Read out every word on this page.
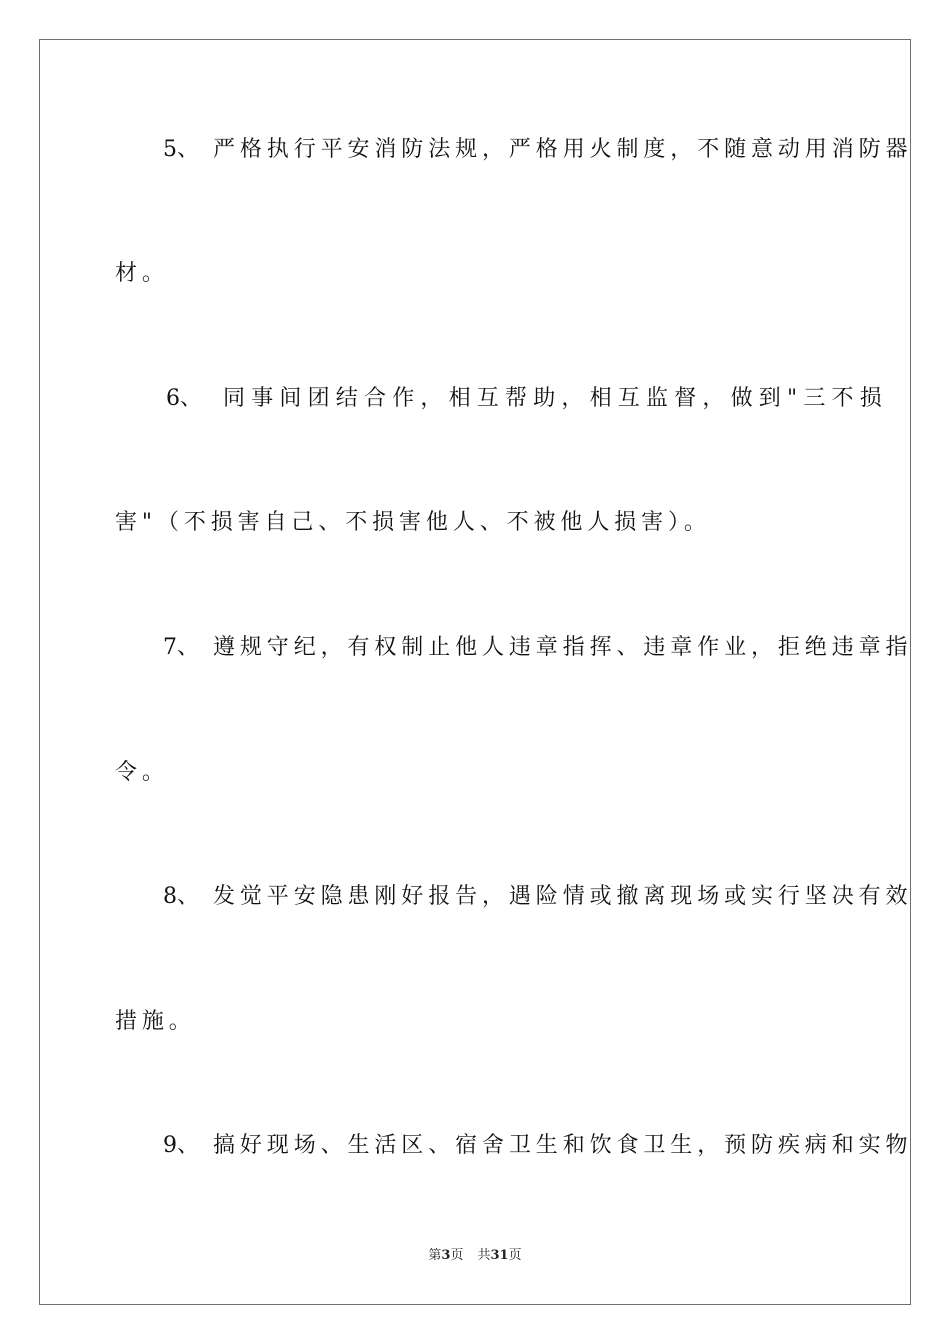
5、 严格执行平安消防法规，严格用火制度，不随意动用消防器
材。
6、 同事间团结合作，相互帮助，相互监督，做到"三不损
害"（不损害自己、不损害他人、不被他人损害）。
7、 遵规守纪，有权制止他人违章指挥、违章作业，拒绝违章指
令。
8、 发觉平安隐患刚好报告，遇险情或撤离现场或实行坚决有效
措施。
9、 搞好现场、生活区、宿舍卫生和饮食卫生，预防疾病和实物
第3页 共31页
